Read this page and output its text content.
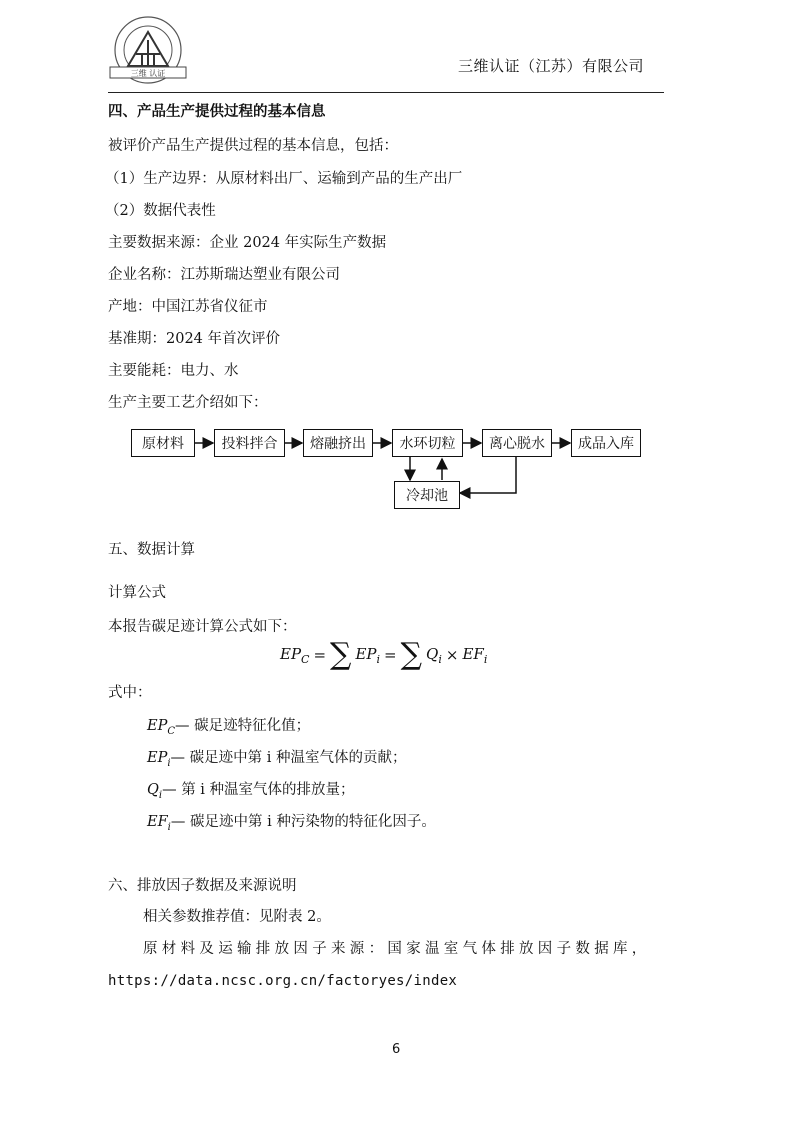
三维 认证	三维认证（江苏）有限公司
四、产品生产提供过程的基本信息
被评价产品生产提供过程的基本信息，包括：
（1）生产边界：从原材料出厂、运输到产品的生产出厂
（2）数据代表性
主要数据来源：企业 2024 年实际生产数据
企业名称：江苏斯瑞达塑业有限公司
产地：中国江苏省仪征市
基准期：2024 年首次评价
主要能耗：电力、水
生产主要工艺介绍如下：
原材料	投料拌合	熔融挤出	水环切粒	离心脱水	成品入库
冷却池
五、数据计算
计算公式
本报告碳足迹计算公式如下：
$EP_C$ = ∑ $EP_i$ = ∑ $Q_i \times EF_i$
式中：
$EP_C—$ 碳足迹特征化值；
$EP_i—$ 碳足迹中第 i 种温室气体的贡献；
$Q_i—$ 第 i 种温室气体的排放量；
$EF_i—$ 碳足迹中第 i 种污染物的特征化因子。
六、排放因子数据及来源说明
相关参数推荐值：见附表 2。
原材料及运输排放因子来源：国家温室气体排放因子数据库，
https://data.ncsc.org.cn/factoryes/index
6
